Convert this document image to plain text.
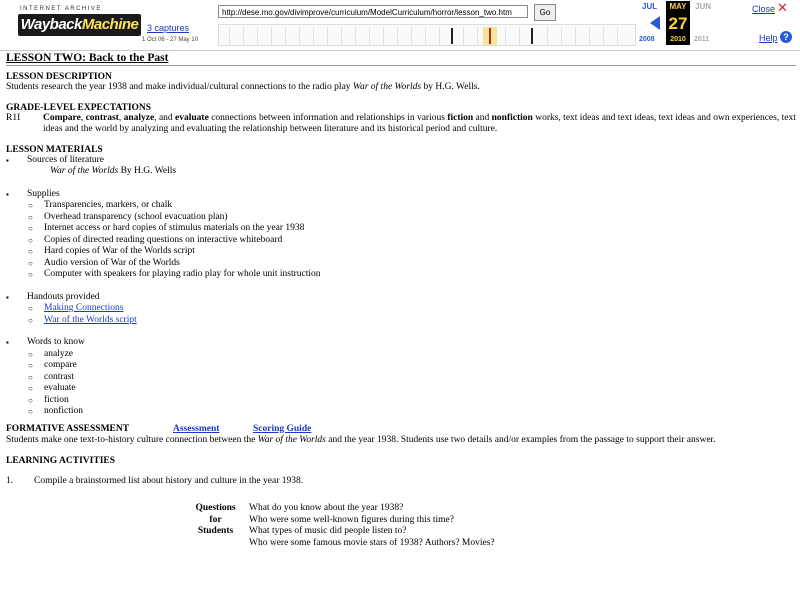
INTERNET ARCHIVE
WaybackMachine 3 captures
1 Oct 06 - 27 May 10
http://dese.mo.gov/divimprove/curriculum/ModelCurriculum/horror/lesson_two.htm	Go
JUL
2008
MAY
27
2010
JUN
2011
Close ✕
Help ?
LESSON TWO: Back to the Past
LESSON DESCRIPTION

Students research the year 1938 and make individual/cultural connections to the radio play War of the Worlds by H.G. Wells.

GRADE-LEVEL EXPECTATIONS
R1I	Compare, contrast, analyze, and evaluate connections between information and relationships in various fiction and nonfiction works, text ideas and text ideas, text ideas and own experiences, text ideas and the world by analyzing and evaluating the relationship between literature and its historical period and culture.
LESSON MATERIALS
▪ Sources of literature
War of the Worlds By H.G. Wells
▪ Supplies
○ Transparencies, markers, or chalk
○ Overhead transparency (school evacuation plan)
○ Internet access or hard copies of stimulus materials on the year 1938
○ Copies of directed reading questions on interactive whiteboard
○ Hard copies of War of the Worlds script
○ Audio version of War of the Worlds
○ Computer with speakers for playing radio play for whole unit instruction
▪ Handouts provided
○ Making Connections
○ War of the Worlds script
▪ Words to know
○ analyze
○ compare
○ contrast
○ evaluate
○ fiction
○ nonfiction
FORMATIVE ASSESSMENT	Assessment	Scoring Guide

Students make one text-to-history culture connection between the War of the Worlds and the year 1938. Students use two details and/or examples from the passage to support their answer.

LEARNING ACTIVITIES
1.	Compile a brainstormed list about history and culture in the year 1938.
Questions	What do you know about the year 1938?
for	Who were some well-known figures during this time?
Students	What types of music did people listen to?
Who were some famous movie stars of 1938? Authors? Movies?
